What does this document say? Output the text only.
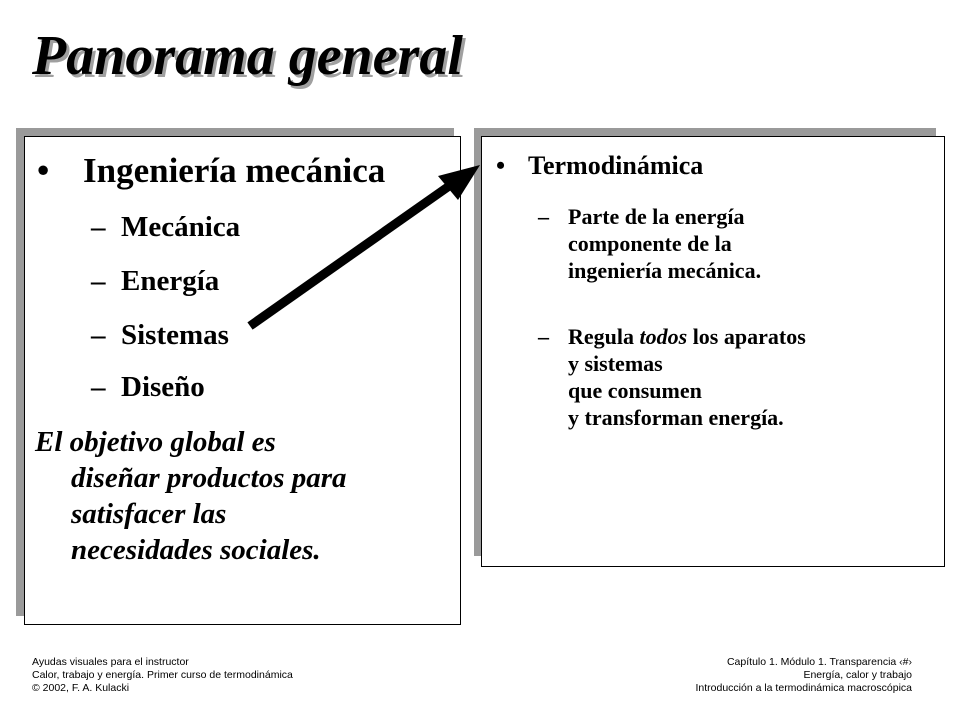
Panorama general
• Ingeniería mecánica
– Mecánica
– Energía
– Sistemas
– Diseño
El objetivo global es
diseñar productos para
satisfacer las
necesidades sociales.
• Termodinámica
– Parte de la energía
componente de la
ingeniería mecánica.
– Regula todos los aparatos
y sistemas
que consumen
y transforman energía.
Ayudas visuales para el instructor
Calor, trabajo y energía. Primer curso de termodinámica
© 2002, F. A. Kulacki
Capítulo 1. Módulo 1. Transparencia ‹#›
Energía, calor y trabajo
Introducción a la termodinámica macroscópica
